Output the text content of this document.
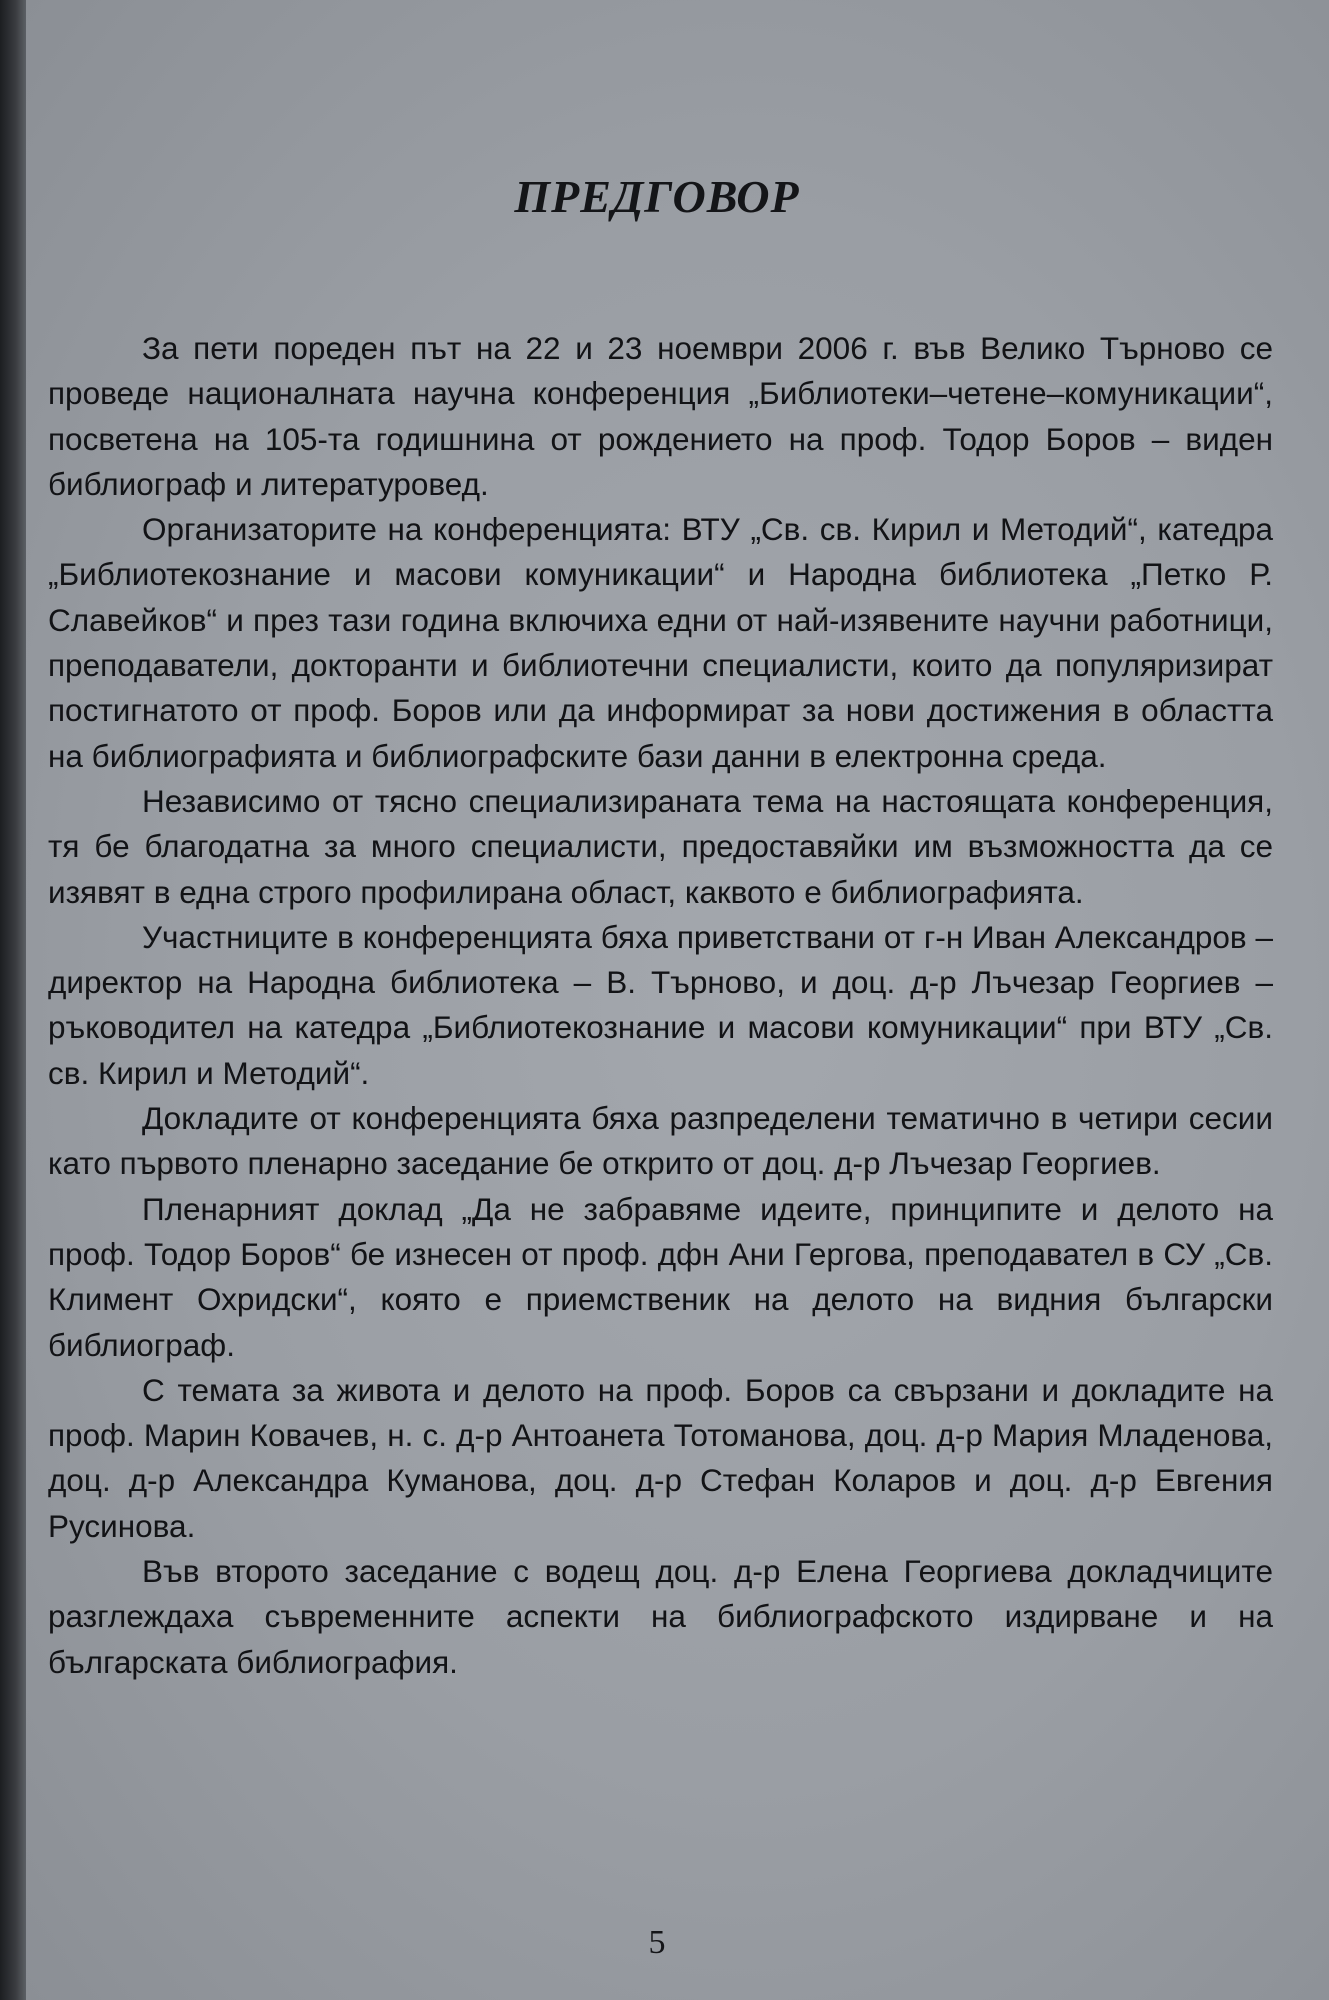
ПРЕДГОВОР

За пети пореден път на 22 и 23 ноември 2006 г. във Велико Търново се проведе националната научна конференция „Библиотеки–четене–комуникации“, посветена на 105-та годишнина от рождението на проф. Тодор Боров – виден библиограф и литературовед.

Организаторите на конференцията: ВТУ „Св. св. Кирил и Методий“, катедра „Библиотекознание и масови комуникации“ и Народна библиотека „Петко Р. Славейков“ и през тази година включиха едни от най-изявените научни работници, преподаватели, докторанти и библиотечни специалисти, които да популяризират постигнатото от проф. Боров или да информират за нови достижения в областта на библиографията и библиографските бази данни в електронна среда.

Независимо от тясно специализираната тема на настоящата конференция, тя бе благодатна за много специалисти, предоставяйки им възможността да се изявят в една строго профилирана област, каквото е библиографията.

Участниците в конференцията бяха приветствани от г-н Иван Александров – директор на Народна библиотека – В. Търново, и доц. д-р Лъчезар Георгиев – ръководител на катедра „Библиотекознание и масови комуникации“ при ВТУ „Св. св. Кирил и Методий“.

Докладите от конференцията бяха разпределени тематично в четири сесии като първото пленарно заседание бе открито от доц. д-р Лъчезар Георгиев.

Пленарният доклад „Да не забравяме идеите, принципите и делото на проф. Тодор Боров“ бе изнесен от проф. дфн Ани Гергова, преподавател в СУ „Св. Климент Охридски“, която е приемственик на делото на видния български библиограф.

С темата за живота и делото на проф. Боров са свързани и докладите на проф. Марин Ковачев, н. с. д-р Антоанета Тотоманова, доц. д-р Мария Младенова, доц. д-р Александра Куманова, доц. д-р Стефан Коларов и доц. д-р Евгения Русинова.

Във второто заседание с водещ доц. д-р Елена Георгиева докладчиците разглеждаха съвременните аспекти на библиографското издирване и на българската библиография.

5
